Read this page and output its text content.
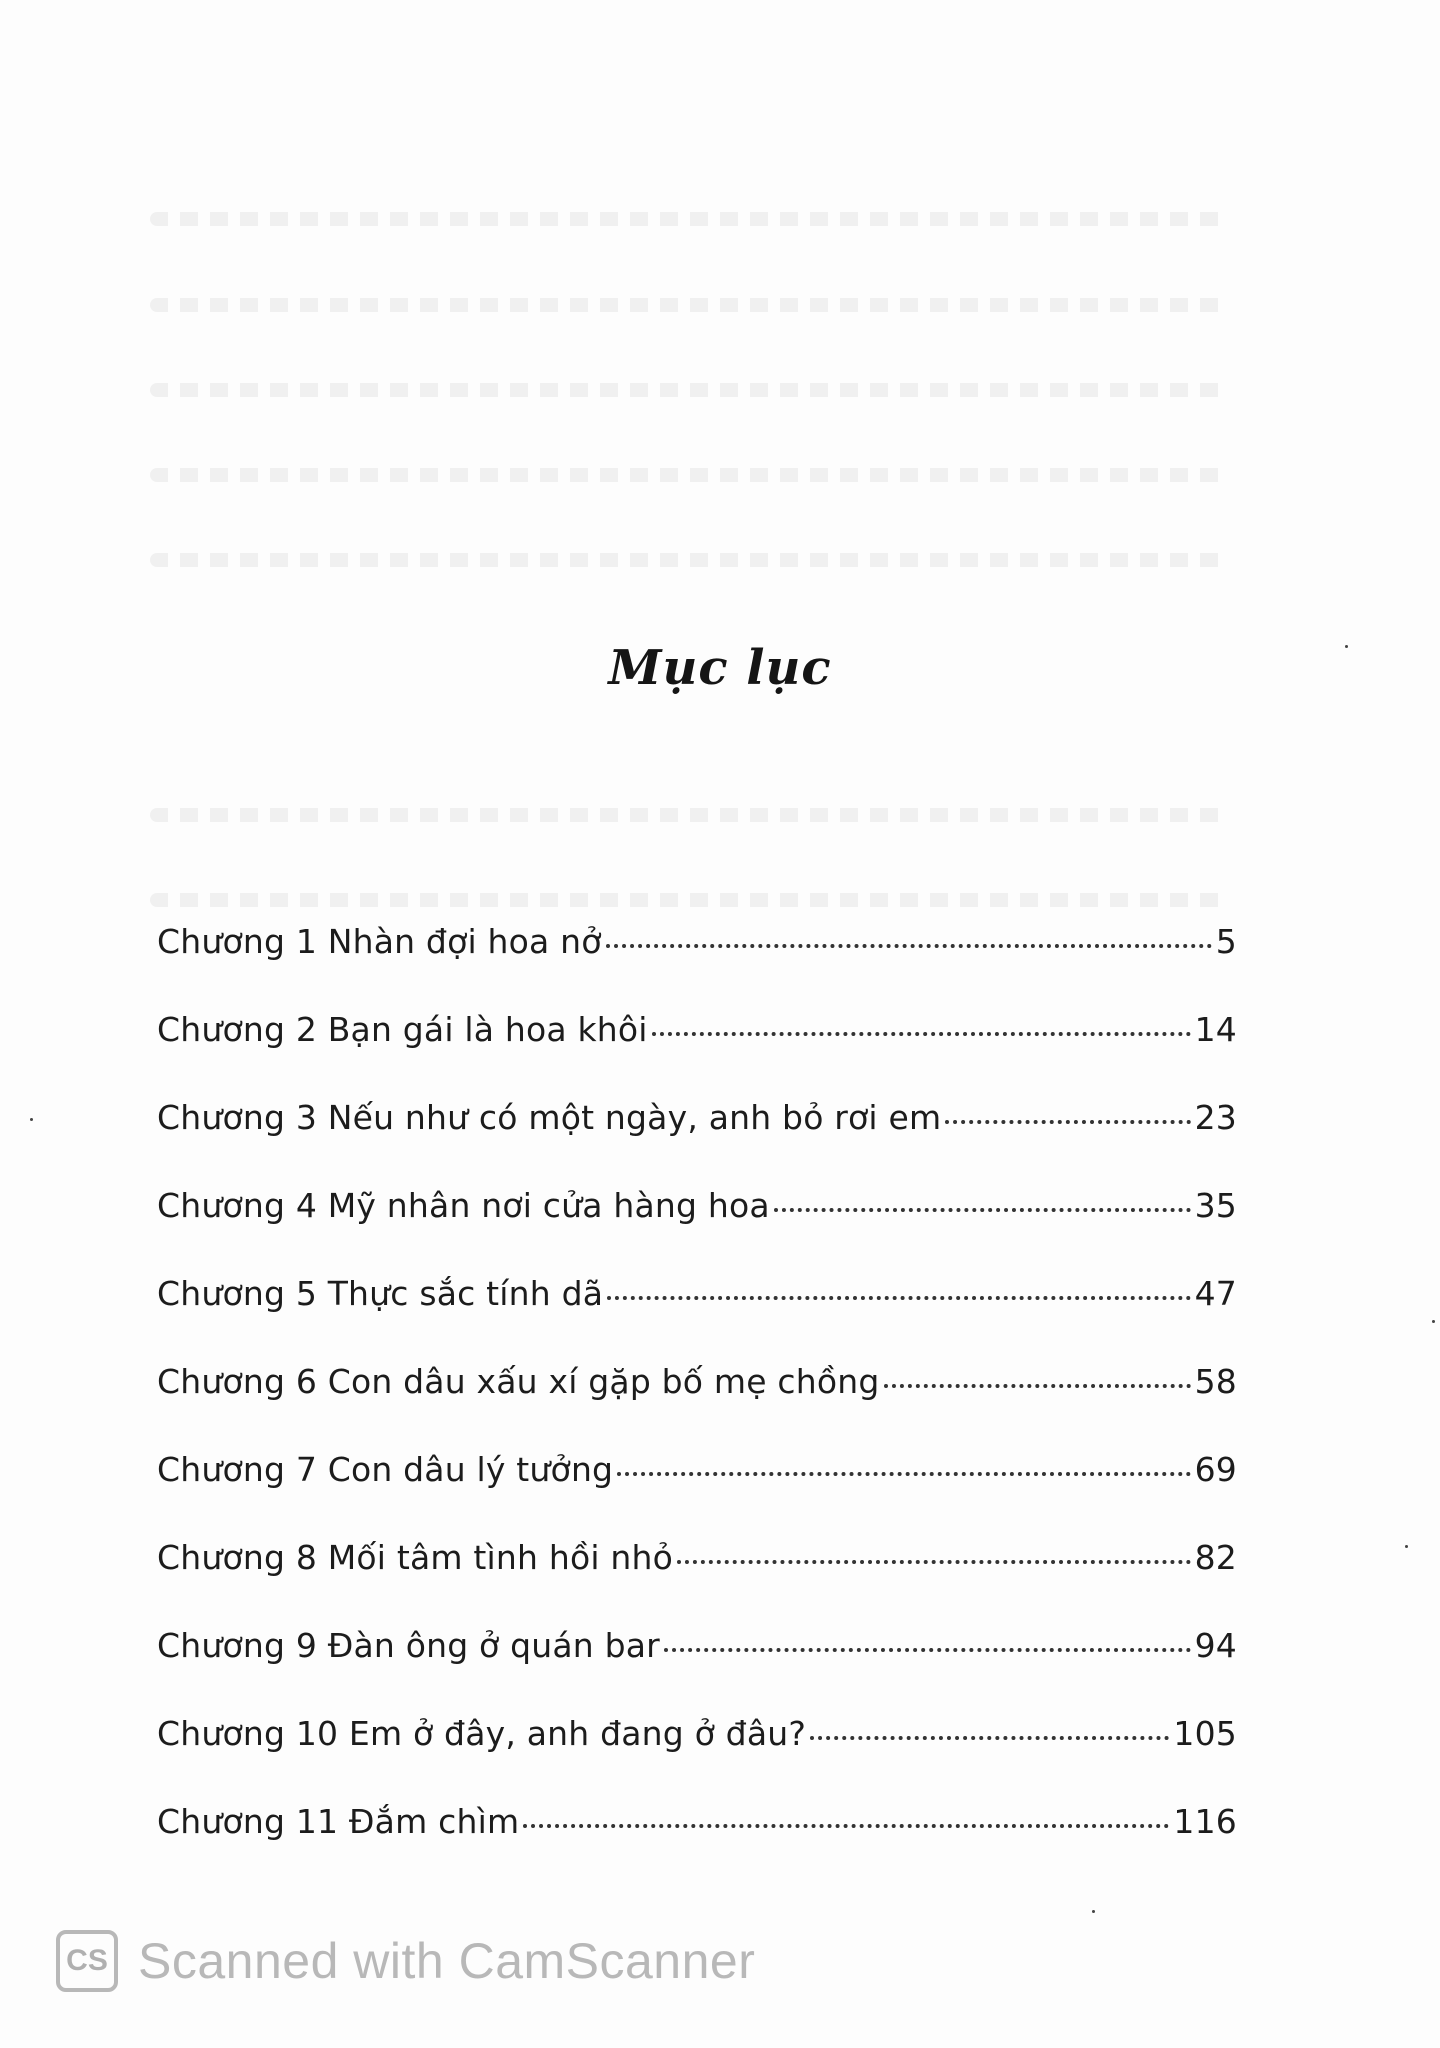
Mục lục
Chương 1 Nhàn đợi hoa nở	5
Chương 2 Bạn gái là hoa khôi	14
Chương 3 Nếu như có một ngày, anh bỏ rơi em	23
Chương 4 Mỹ nhân nơi cửa hàng hoa	35
Chương 5 Thực sắc tính dã	47
Chương 6 Con dâu xấu xí gặp bố mẹ chồng	58
Chương 7 Con dâu lý tưởng	69
Chương 8 Mối tâm tình hồi nhỏ	82
Chương 9 Đàn ông ở quán bar	94
Chương 10 Em ở đây, anh đang ở đâu?	105
Chương 11 Đắm chìm	116
CS Scanned with CamScanner
